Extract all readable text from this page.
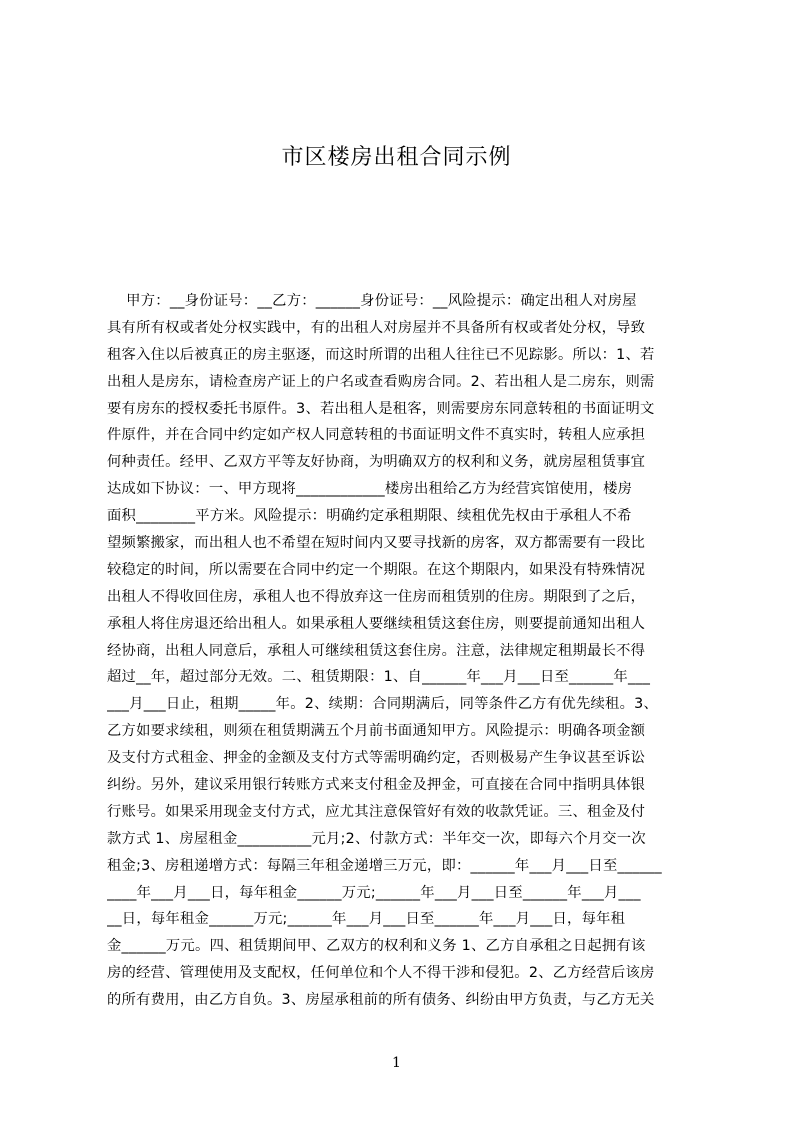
市区楼房出租合同示例
甲方：__身份证号：__乙方：______身份证号：__风险提示：确定出租人对房屋
具有所有权或者处分权实践中，有的出租人对房屋并不具备所有权或者处分权，导致
租客入住以后被真正的房主驱逐，而这时所谓的出租人往往已不见踪影。所以：1、若
出租人是房东，请检查房产证上的户名或查看购房合同。2、若出租人是二房东，则需
要有房东的授权委托书原件。3、若出租人是租客，则需要房东同意转租的书面证明文
件原件，并在合同中约定如产权人同意转租的书面证明文件不真实时，转租人应承担
何种责任。经甲、乙双方平等友好协商，为明确双方的权利和义务，就房屋租赁事宜
达成如下协议：一、甲方现将____________楼房出租给乙方为经营宾馆使用，楼房
面积________平方米。风险提示：明确约定承租期限、续租优先权由于承租人不希
望频繁搬家，而出租人也不希望在短时间内又要寻找新的房客，双方都需要有一段比
较稳定的时间，所以需要在合同中约定一个期限。在这个期限内，如果没有特殊情况
出租人不得收回住房，承租人也不得放弃这一住房而租赁别的住房。期限到了之后，
承租人将住房退还给出租人。如果承租人要继续租赁这套住房，则要提前通知出租人
经协商，出租人同意后，承租人可继续租赁这套住房。注意，法律规定租期最长不得
超过__年，超过部分无效。二、租赁期限：1、自______年___月___日至______年___
___月___日止，租期_____年。2、续期：合同期满后，同等条件乙方有优先续租。3、
乙方如要求续租，则须在租赁期满五个月前书面通知甲方。风险提示：明确各项金额
及支付方式租金、押金的金额及支付方式等需明确约定，否则极易产生争议甚至诉讼
纠纷。另外，建议采用银行转账方式来支付租金及押金，可直接在合同中指明具体银
行账号。如果采用现金支付方式，应尤其注意保管好有效的收款凭证。三、租金及付
款方式 1、房屋租金__________元月;2、付款方式：半年交一次，即每六个月交一次
租金;3、房租递增方式：每隔三年租金递增三万元，即：______年___月___日至______
____年___月___日，每年租金______万元;______年___月___日至______年___月___
__日，每年租金______万元;______年___月___日至______年___月___日，每年租
金______万元。四、租赁期间甲、乙双方的权利和义务 1、乙方自承租之日起拥有该
房的经营、管理使用及支配权，任何单位和个人不得干涉和侵犯。2、乙方经营后该房
的所有费用，由乙方自负。3、房屋承租前的所有债务、纠纷由甲方负责，与乙方无关
1
